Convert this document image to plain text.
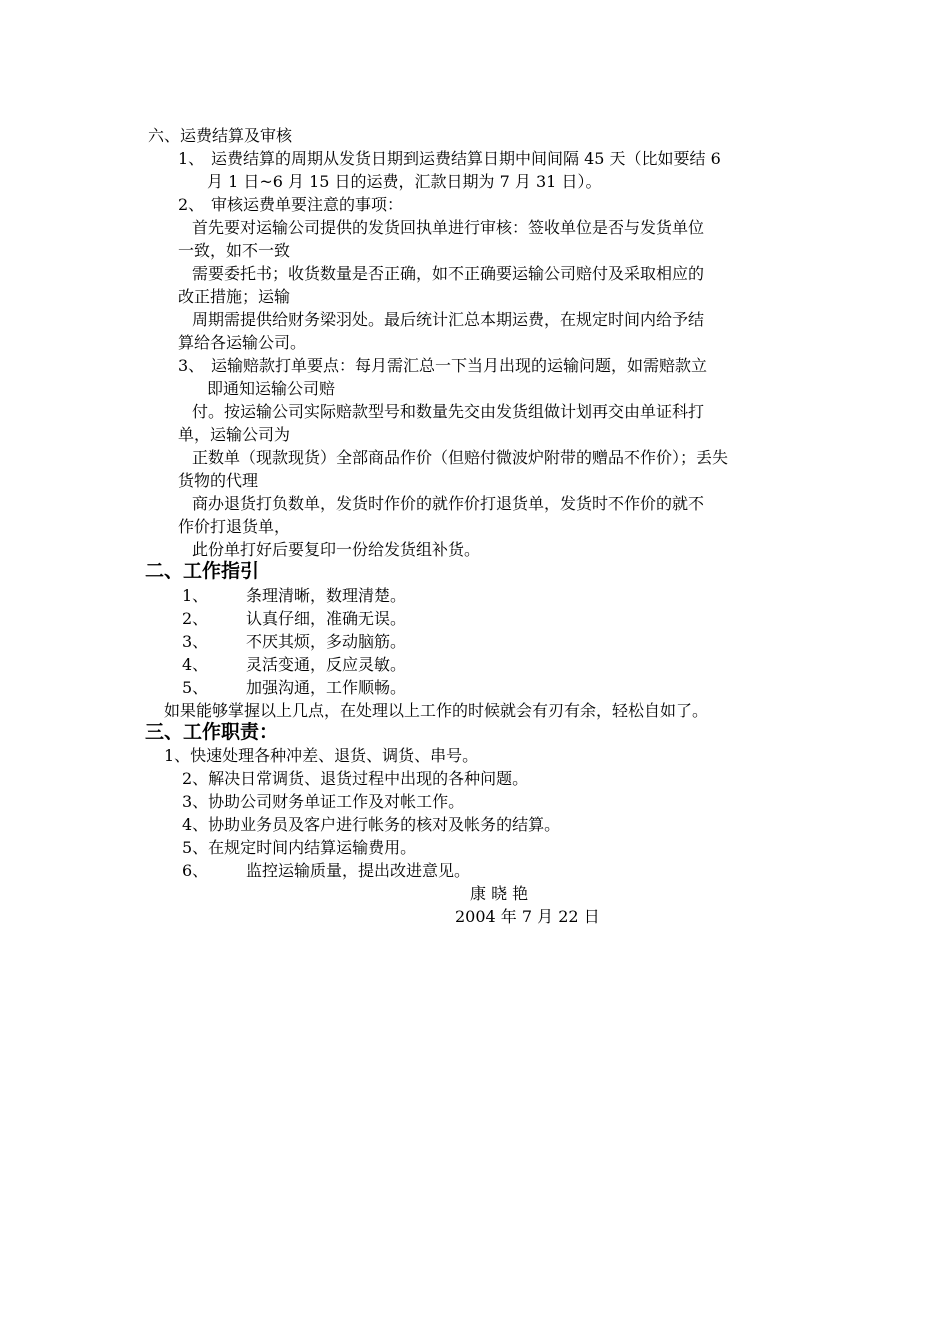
六、运费结算及审核
1、 运费结算的周期从发货日期到运费结算日期中间间隔 45 天（比如要结 6
月 1 日~6 月 15 日的运费，汇款日期为 7 月 31 日）。
2、 审核运费单要注意的事项：
首先要对运输公司提供的发货回执单进行审核：签收单位是否与发货单位
一致，如不一致
需要委托书；收货数量是否正确，如不正确要运输公司赔付及采取相应的
改正措施；运输
周期需提供给财务梁羽处。最后统计汇总本期运费，在规定时间内给予结
算给各运输公司。
3、 运输赔款打单要点：每月需汇总一下当月出现的运输问题，如需赔款立
即通知运输公司赔
付。按运输公司实际赔款型号和数量先交由发货组做计划再交由单证科打
单，运输公司为
正数单（现款现货）全部商品作价（但赔付微波炉附带的赠品不作价）；丢失
货物的代理
商办退货打负数单，发货时作价的就作价打退货单，发货时不作价的就不
作价打退货单，
此份单打好后要复印一份给发货组补货。
二、工作指引
1、 条理清晰，数理清楚。
2、 认真仔细，准确无误。
3、 不厌其烦，多动脑筋。
4、 灵活变通，反应灵敏。
5、 加强沟通，工作顺畅。
如果能够掌握以上几点，在处理以上工作的时候就会有刃有余，轻松自如了。
三、工作职责：
1、快速处理各种冲差、退货、调货、串号。
2、解决日常调货、退货过程中出现的各种问题。
3、协助公司财务单证工作及对帐工作。
4、协助业务员及客户进行帐务的核对及帐务的结算。
5、在规定时间内结算运输费用。
6、 监控运输质量，提出改进意见。
康 晓 艳
2004 年 7 月 22 日
